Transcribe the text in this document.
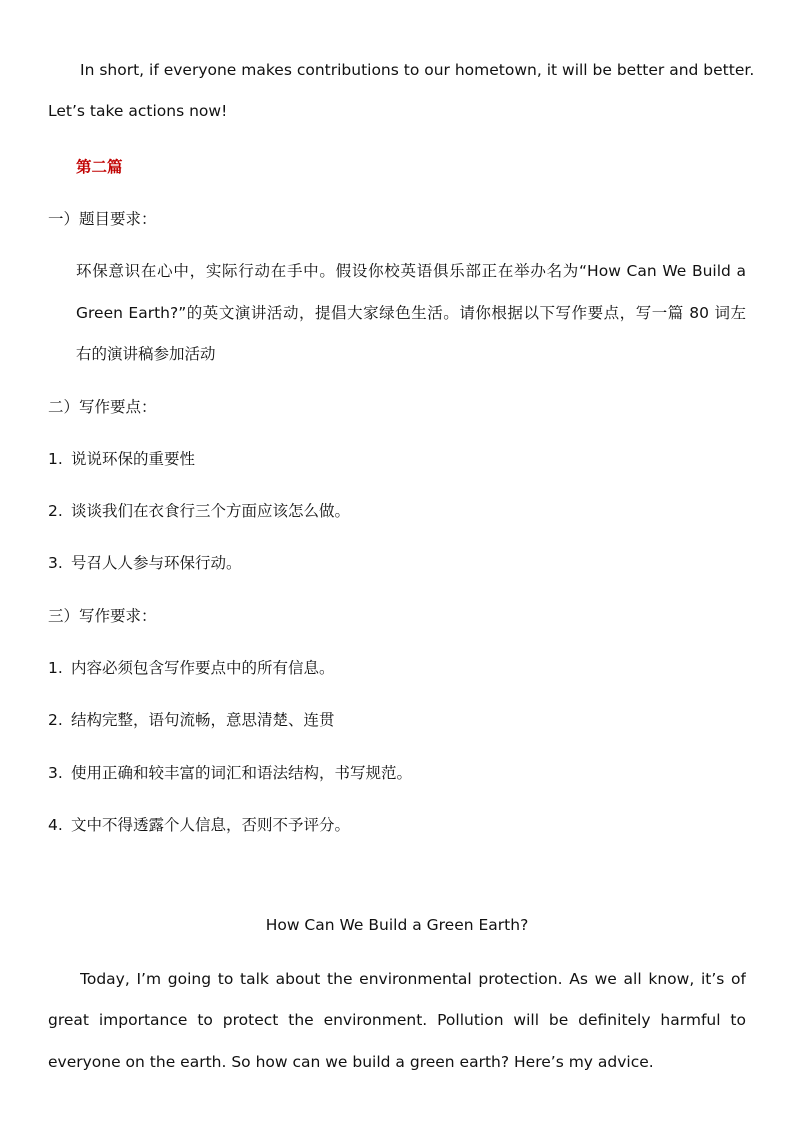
In short, if everyone makes contributions to our hometown, it will be better and better.
Let’s take actions now!
第二篇
一）题目要求：
环保意识在心中，实际行动在手中。假设你校英语俱乐部正在举办名为“How Can We Build a
Green Earth?”的英文演讲活动，提倡大家绿色生活。请你根据以下写作要点，写一篇 80 词左
右的演讲稿参加活动
二）写作要点：
1. 说说环保的重要性
2. 谈谈我们在衣食行三个方面应该怎么做。
3. 号召人人参与环保行动。
三）写作要求：
1. 内容必须包含写作要点中的所有信息。
2. 结构完整，语句流畅，意思清楚、连贯
3. 使用正确和较丰富的词汇和语法结构，书写规范。
4. 文中不得透露个人信息，否则不予评分。
How Can We Build a Green Earth?
Today, I’m going to talk about the environmental protection. As we all know, it’s of
great importance to protect the environment. Pollution will be definitely harmful to
everyone on the earth. So how can we build a green earth? Here’s my advice.
